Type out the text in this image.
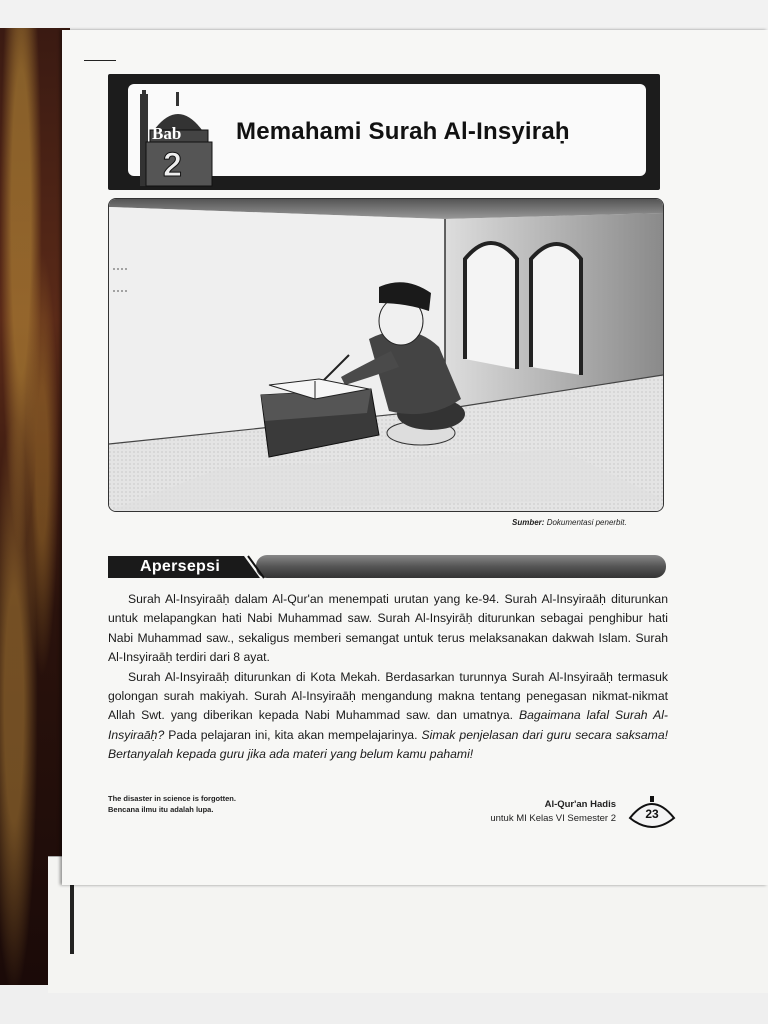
Bab
2
Memahami Surah Al-Insyiraḥ
Sumber: Dokumentasi penerbit.
Apersepsi

Surah Al-Insyiraāḥ dalam Al-Qur'an menempati urutan yang ke-94. Surah Al-Insyiraāḥ diturunkan untuk melapangkan hati Nabi Muhammad saw. Surah Al-Insyirāḥ diturunkan sebagai penghibur hati Nabi Muhammad saw., sekaligus memberi semangat untuk terus melaksanakan dakwah Islam. Surah Al-Insyiraāḥ terdiri dari 8 ayat.

Surah Al-Insyiraāḥ diturunkan di Kota Mekah. Berdasarkan turunnya Surah Al-Insyiraāḥ termasuk golongan surah makiyah. Surah Al-Insyiraāḥ mengandung makna tentang penegasan nikmat-nikmat Allah Swt. yang diberikan kepada Nabi Muhammad saw. dan umatnya. Bagaimana lafal Surah Al-Insyiraāḥ? Pada pelajaran ini, kita akan mempelajarinya. Simak penjelasan dari guru secara saksama! Bertanyalah kepada guru jika ada materi yang belum kamu pahami!

The disaster in science is forgotten.
Bencana ilmu itu adalah lupa.	Al-Qur'an Hadis
untuk MI Kelas VI Semester 2	23
